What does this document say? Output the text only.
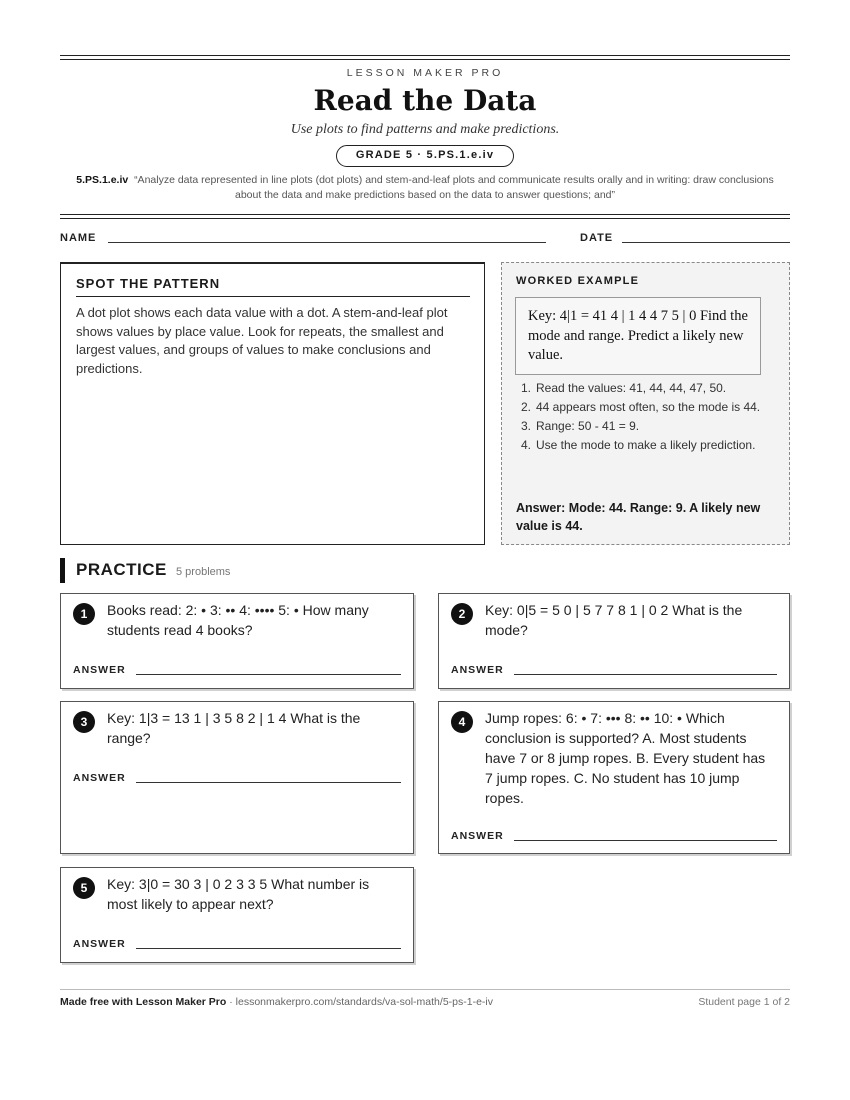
LESSON MAKER PRO
Read the Data
Use plots to find patterns and make predictions.
GRADE 5 · 5.PS.1.e.iv
5.PS.1.e.iv “Analyze data represented in line plots (dot plots) and stem-and-leaf plots and communicate results orally and in writing: draw conclusions about the data and make predictions based on the data to answer questions; and”
NAME	DATE
SPOT THE PATTERN
A dot plot shows each data value with a dot. A stem-and-leaf plot shows values by place value. Look for repeats, the smallest and largest values, and groups of values to make conclusions and predictions.
WORKED EXAMPLE
Key: 4|1 = 41 4 | 1 4 4 7 5 | 0 Find the mode and range. Predict a likely new value.
1. Read the values: 41, 44, 44, 47, 50.
2. 44 appears most often, so the mode is 44.
3. Range: 50 - 41 = 9.
4. Use the mode to make a likely prediction.
Answer: Mode: 44. Range: 9. A likely new value is 44.
PRACTICE 5 problems
1	Books read: 2: • 3: •• 4: •••• 5: • How many students read 4 books?
ANSWER
2	Key: 0|5 = 5 0 | 5 7 7 8 1 | 0 2 What is the mode?
ANSWER
3	Key: 1|3 = 13 1 | 3 5 8 2 | 1 4 What is the range?
ANSWER
4	Jump ropes: 6: • 7: ••• 8: •• 10: • Which conclusion is supported? A. Most students have 7 or 8 jump ropes. B. Every student has 7 jump ropes. C. No student has 10 jump ropes.
ANSWER
5	Key: 3|0 = 30 3 | 0 2 3 3 5 What number is most likely to appear next?
ANSWER
Made free with Lesson Maker Pro · lessonmakerpro.com/standards/va-sol-math/5-ps-1-e-iv	Student page 1 of 2
